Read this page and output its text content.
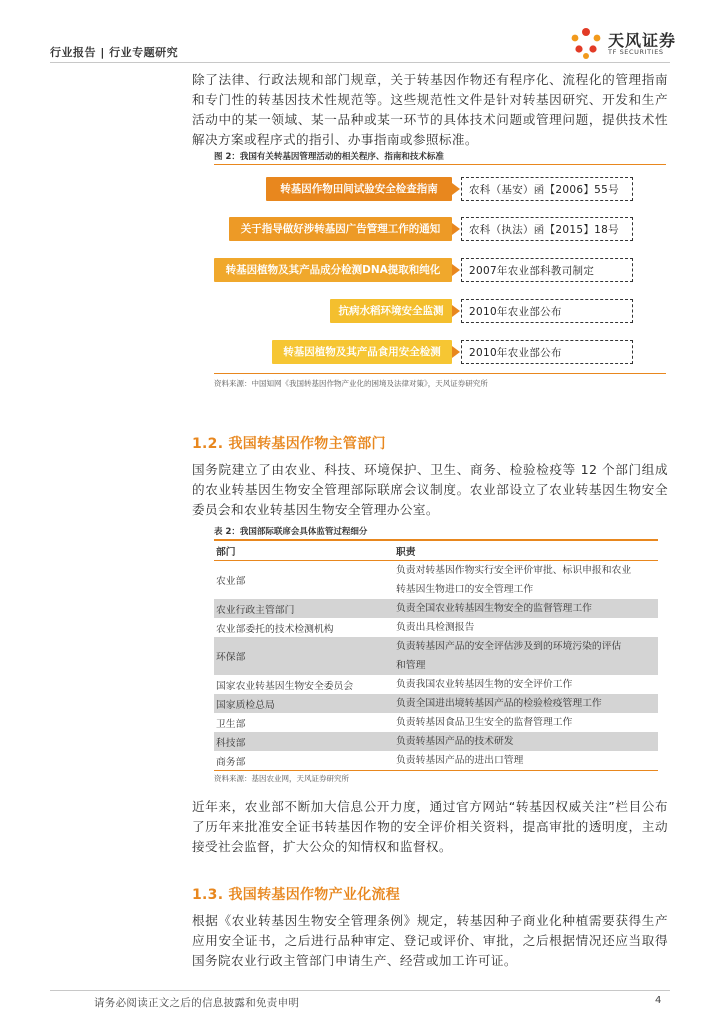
行业报告 | 行业专题研究
天风证券
TF SECURITIES
除了法律、行政法规和部门规章，关于转基因作物还有程序化、流程化的管理指南和专门性的转基因技术性规范等。这些规范性文件是针对转基因研究、开发和生产活动中的某一领域、某一品种或某一环节的具体技术问题或管理问题，提供技术性解决方案或程序式的指引、办事指南或参照标准。
图 2：我国有关转基因管理活动的相关程序、指南和技术标准
转基因作物田间试验安全检查指南	农科（基安）函【2006】55号
关于指导做好涉转基因广告管理工作的通知	农科（执法）函【2015】18号
转基因植物及其产品成分检测DNA提取和纯化	2007年农业部科教司制定
抗病水稻环境安全监测	2010年农业部公布
转基因植物及其产品食用安全检测	2010年农业部公布
资料来源：中国知网《我国转基因作物产业化的困境及法律对策》，天风证券研究所
1.2. 我国转基因作物主管部门
国务院建立了由农业、科技、环境保护、卫生、商务、检验检疫等 12 个部门组成的农业转基因生物安全管理部际联席会议制度。农业部设立了农业转基因生物安全委员会和农业转基因生物安全管理办公室。
表 2：我国部际联席会具体监管过程细分
部门	职责
农业部	负责对转基因作物实行安全评价审批、标识申报和农业
转基因生物进口的安全管理工作

农业行政主管部门	负责全国农业转基因生物安全的监督管理工作

农业部委托的技术检测机构	负责出具检测报告

环保部	负责转基因产品的安全评估涉及到的环境污染的评估
和管理

国家农业转基因生物安全委员会	负责我国农业转基因生物的安全评价工作

国家质检总局	负责全国进出境转基因产品的检验检疫管理工作

卫生部	负责转基因食品卫生安全的监督管理工作

科技部	负责转基因产品的技术研发

商务部	负责转基因产品的进出口管理
资料来源：基因农业网，天风证券研究所
近年来，农业部不断加大信息公开力度，通过官方网站“转基因权威关注”栏目公布了历年来批准安全证书转基因作物的安全评价相关资料，提高审批的透明度，主动接受社会监督，扩大公众的知情权和监督权。
1.3. 我国转基因作物产业化流程
根据《农业转基因生物安全管理条例》规定，转基因种子商业化种植需要获得生产应用安全证书，之后进行品种审定、登记或评价、审批，之后根据情况还应当取得国务院农业行政主管部门申请生产、经营或加工许可证。
请务必阅读正文之后的信息披露和免责申明	4
